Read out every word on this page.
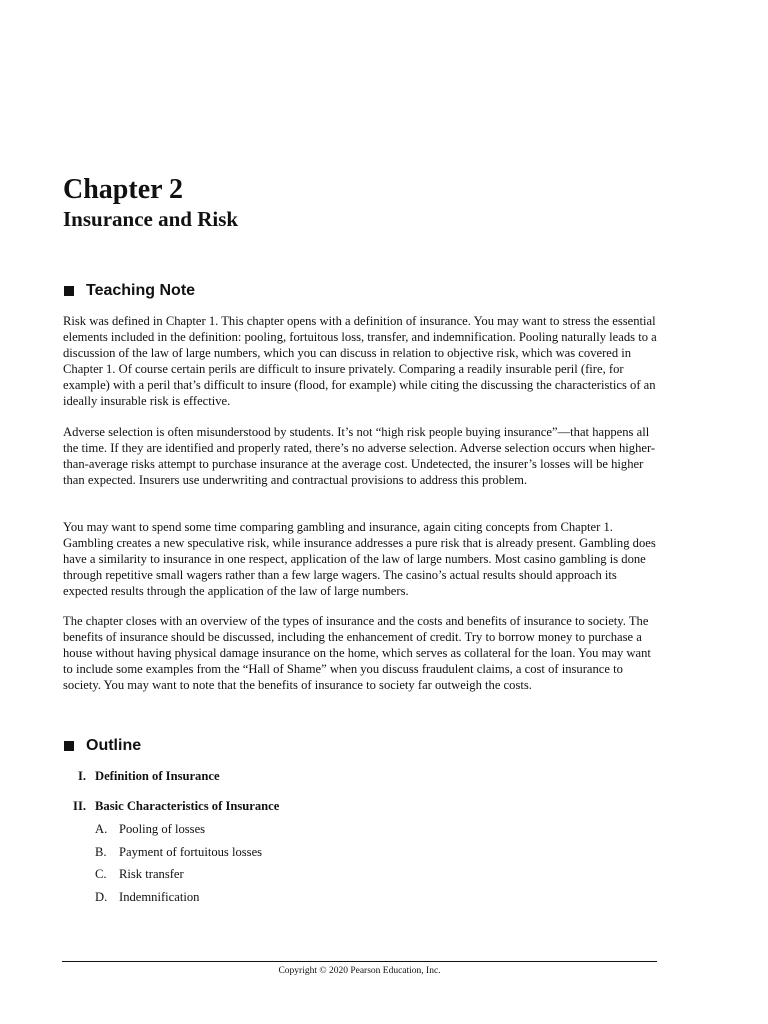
Chapter 2
Insurance and Risk
Teaching Note

Risk was defined in Chapter 1. This chapter opens with a definition of insurance. You may want to stress the essential elements included in the definition: pooling, fortuitous loss, transfer, and indemnification. Pooling naturally leads to a discussion of the law of large numbers, which you can discuss in relation to objective risk, which was covered in Chapter 1. Of course certain perils are difficult to insure privately. Comparing a readily insurable peril (fire, for example) with a peril that’s difficult to insure (flood, for example) while citing the discussing the characteristics of an ideally insurable risk is effective.

Adverse selection is often misunderstood by students. It’s not “high risk people buying insurance”—that happens all the time. If they are identified and properly rated, there’s no adverse selection. Adverse selection occurs when higher-than-average risks attempt to purchase insurance at the average cost. Undetected, the insurer’s losses will be higher than expected. Insurers use underwriting and contractual provisions to address this problem.

You may want to spend some time comparing gambling and insurance, again citing concepts from Chapter 1. Gambling creates a new speculative risk, while insurance addresses a pure risk that is already present. Gambling does have a similarity to insurance in one respect, application of the law of large numbers. Most casino gambling is done through repetitive small wagers rather than a few large wagers. The casino’s actual results should approach its expected results through the application of the law of large numbers.

The chapter closes with an overview of the types of insurance and the costs and benefits of insurance to society. The benefits of insurance should be discussed, including the enhancement of credit. Try to borrow money to purchase a house without having physical damage insurance on the home, which serves as collateral for the loan. You may want to include some examples from the “Hall of Shame” when you discuss fraudulent claims, a cost of insurance to society. You may want to note that the benefits of insurance to society far outweigh the costs.

Outline
I. Definition of Insurance
II. Basic Characteristics of Insurance
A. Pooling of losses
B. Payment of fortuitous losses
C. Risk transfer
D. Indemnification
Copyright © 2020 Pearson Education, Inc.
